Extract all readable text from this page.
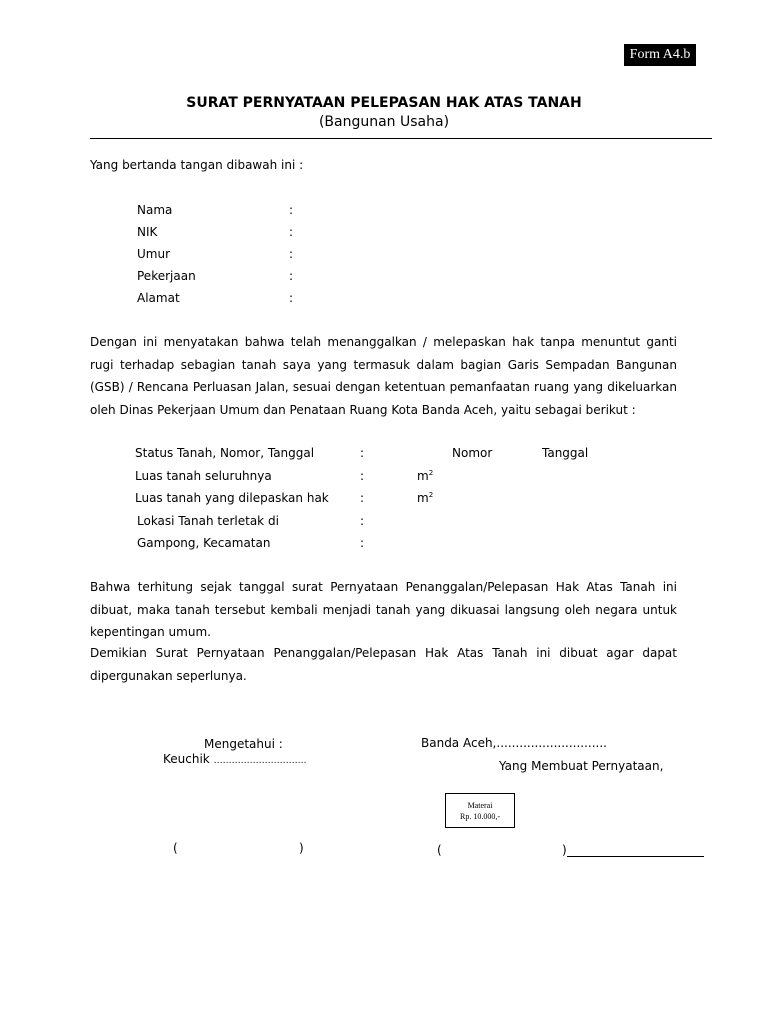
Form A4.b
SURAT PERNYATAAN PELEPASAN HAK ATAS TANAH
(Bangunan Usaha)
Yang bertanda tangan dibawah ini :
Nama	:
NIK	:
Umur	:
Pekerjaan	:
Alamat	:
Dengan ini menyatakan bahwa telah menanggalkan / melepaskan hak tanpa menuntut ganti rugi terhadap sebagian tanah saya yang termasuk dalam bagian Garis Sempadan Bangunan (GSB) / Rencana Perluasan Jalan, sesuai dengan ketentuan pemanfaatan ruang yang dikeluarkan oleh Dinas Pekerjaan Umum dan Penataan Ruang Kota Banda Aceh, yaitu sebagai berikut :
Status Tanah, Nomor, Tanggal	:	Nomor	Tanggal
Luas tanah seluruhnya	:	$m^2$
Luas tanah yang dilepaskan hak	:	$m^2$
Lokasi Tanah terletak di	:
Gampong, Kecamatan	:
Bahwa terhitung sejak tanggal surat Pernyataan Penanggalan/Pelepasan Hak Atas Tanah ini dibuat, maka tanah tersebut kembali menjadi tanah yang dikuasai langsung oleh negara untuk kepentingan umum.
Demikian Surat Pernyataan Penanggalan/Pelepasan Hak Atas Tanah ini dibuat agar dapat dipergunakan seperlunya.
Mengetahui :
Keuchik ………………………….
Banda Aceh,.............................
Yang Membuat Pernyataan,
Materai
Rp. 10.000,-
(	)	(	)
